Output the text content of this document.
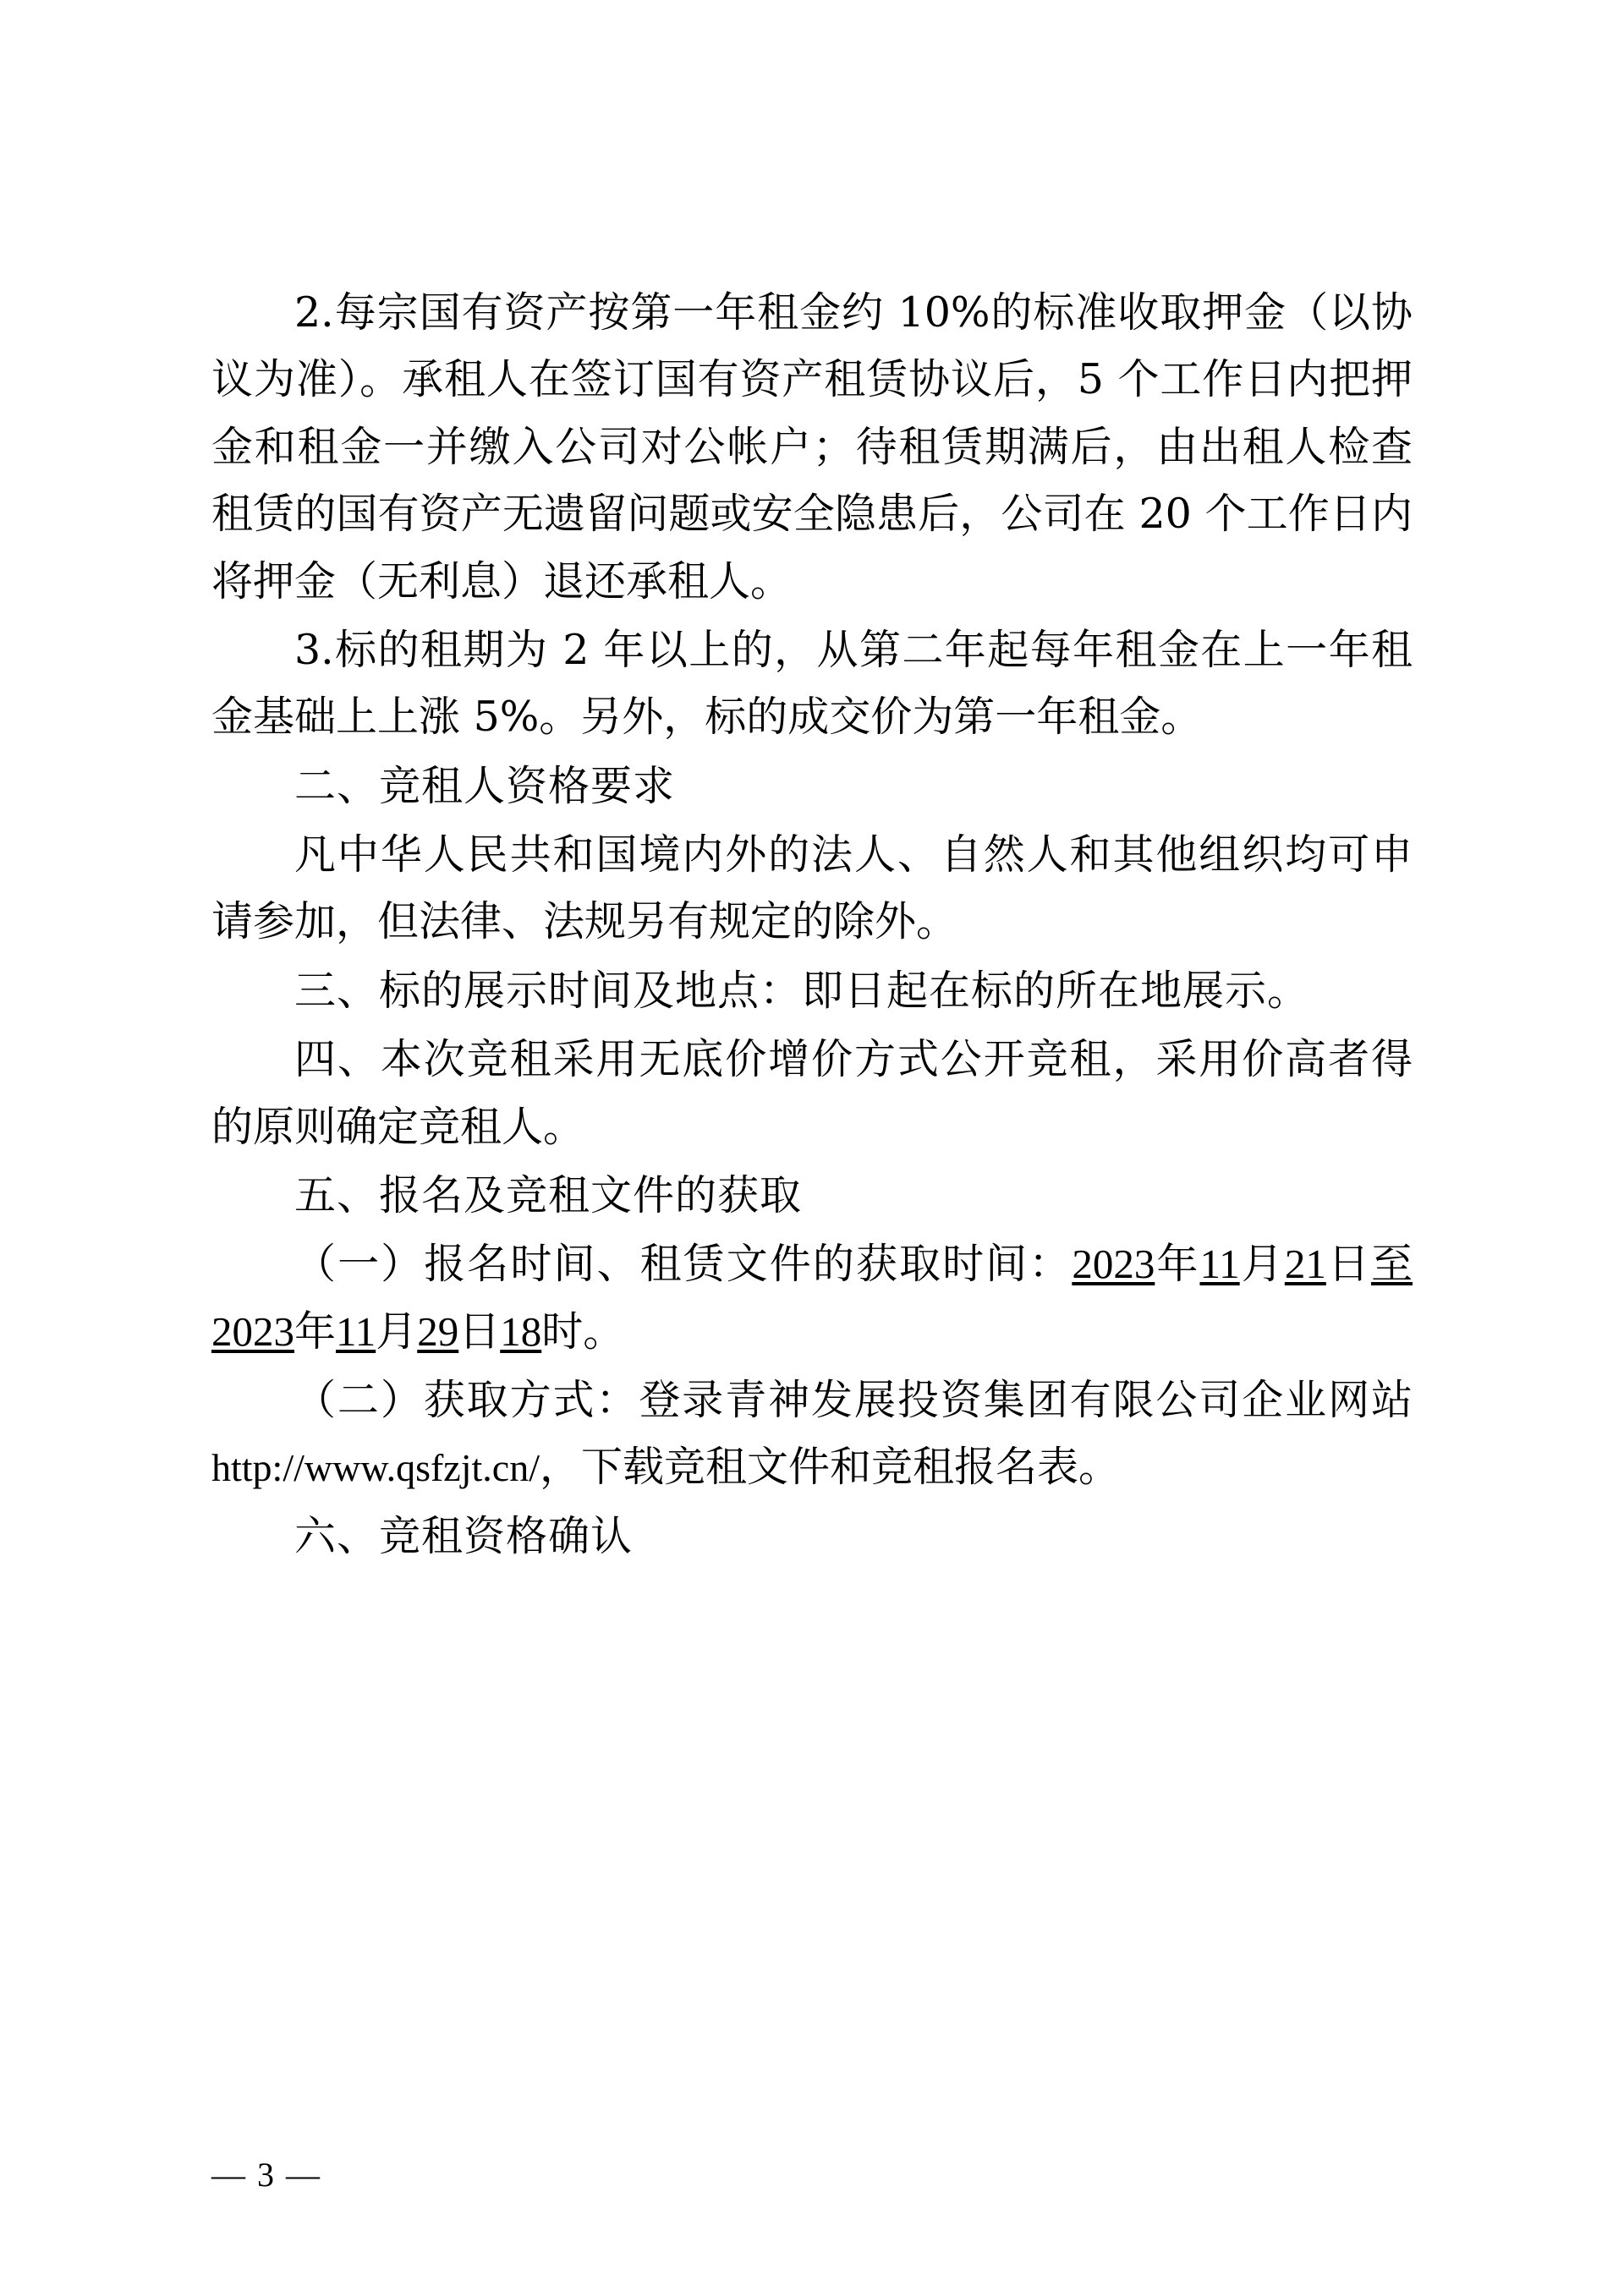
2.每宗国有资产按第一年租金约 10%的标准收取押金（以协议为准）。承租人在签订国有资产租赁协议后，5 个工作日内把押金和租金一并缴入公司对公帐户；待租赁期满后，由出租人检查租赁的国有资产无遗留问题或安全隐患后，公司在 20 个工作日内将押金（无利息）退还承租人。

3.标的租期为 2 年以上的，从第二年起每年租金在上一年租金基础上上涨 5%。另外，标的成交价为第一年租金。

二、竞租人资格要求

凡中华人民共和国境内外的法人、自然人和其他组织均可申请参加，但法律、法规另有规定的除外。

三、标的展示时间及地点：即日起在标的所在地展示。

四、本次竞租采用无底价增价方式公开竞租，采用价高者得的原则确定竞租人。

五、报名及竞租文件的获取

（一）报名时间、租赁文件的获取时间：2023年11月21日至2023年11月29日18时。

（二）获取方式：登录青神发展投资集团有限公司企业网站http://www.qsfzjt.cn/，下载竞租文件和竞租报名表。

六、竞租资格确认

— 3 —
